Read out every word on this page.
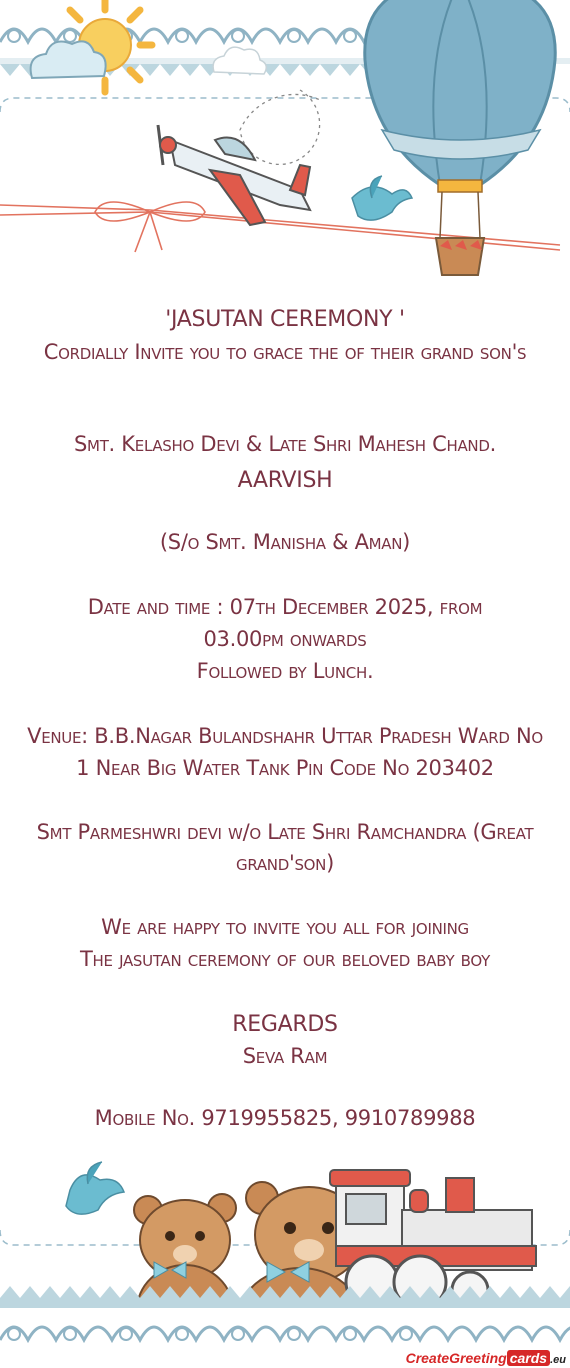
'JASUTAN CEREMONY '
Cordially Invite you to grace the of their grand son's
Smt. Kelasho Devi & Late Shri Mahesh Chand.
AARVISH
(S/o Smt. Manisha & Aman)
Date and time : 07th December 2025, from
03.00pm onwards
Followed by Lunch.
Venue: B.B.Nagar Bulandshahr Uttar Pradesh Ward No
1 Near Big Water Tank Pin Code No 203402
Smt Parmeshwri devi w/o Late Shri Ramchandra (Great
grand'son)
We are happy to invite you all for joining
The jasutan ceremony of our beloved baby boy
REGARDS
Seva Ram
Mobile No. 9719955825, 9910789988
CreateGreeting cards .eu
